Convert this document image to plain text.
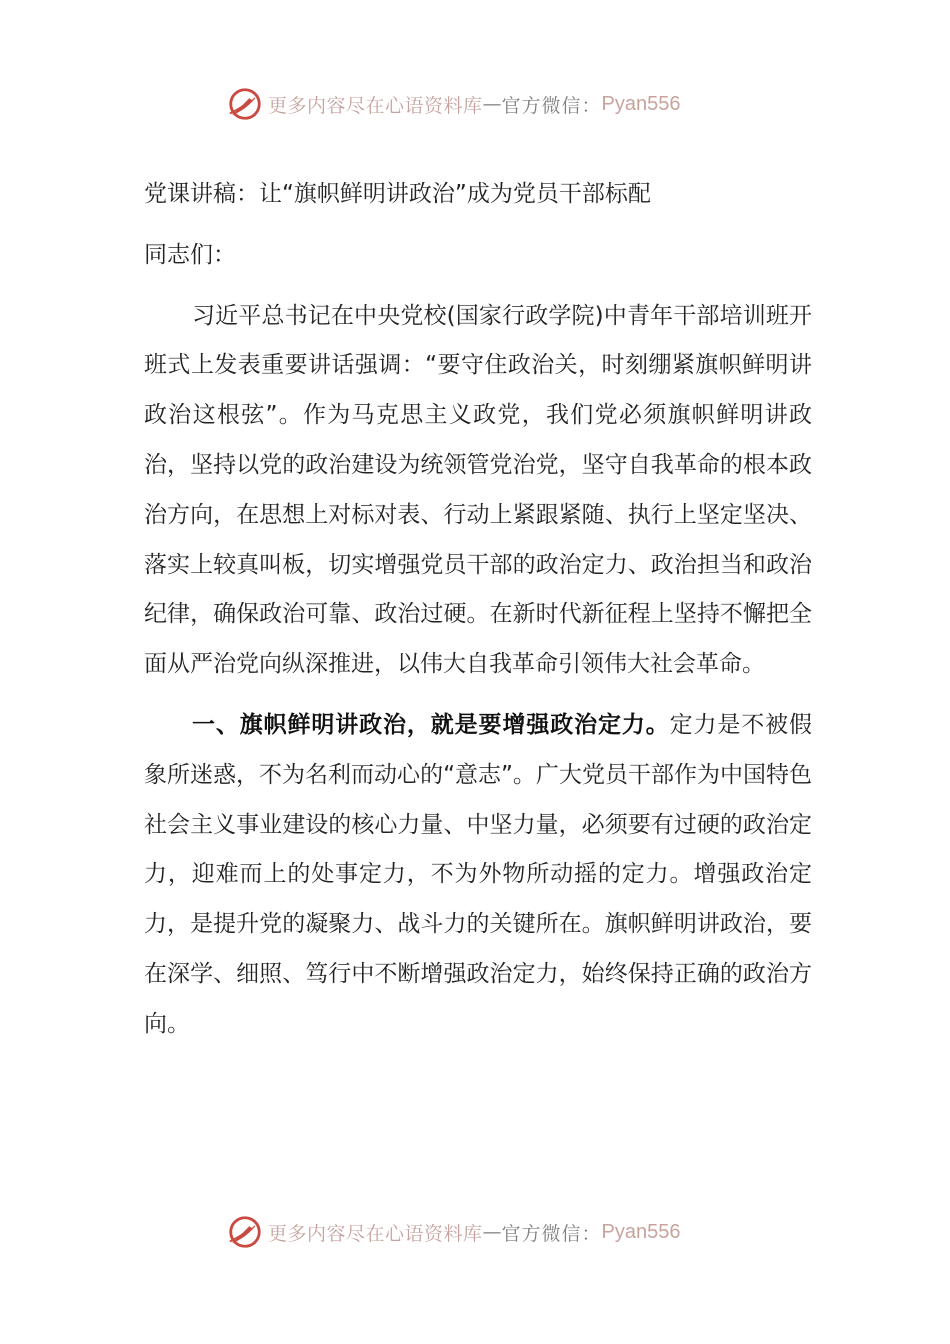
更多内容尽在心语资料库 — 官方微信： Pyan556

党课讲稿：让“旗帜鲜明讲政治”成为党员干部标配

同志们：

习近平总书记在中央党校(国家行政学院)中青年干部培训班开班式上发表重要讲话强调：“要守住政治关，时刻绷紧旗帜鲜明讲政治这根弦”。作为马克思主义政党，我们党必须旗帜鲜明讲政治，坚持以党的政治建设为统领管党治党，坚守自我革命的根本政治方向，在思想上对标对表、行动上紧跟紧随、执行上坚定坚决、落实上较真叫板，切实增强党员干部的政治定力、政治担当和政治纪律，确保政治可靠、政治过硬。在新时代新征程上坚持不懈把全面从严治党向纵深推进，以伟大自我革命引领伟大社会革命。

一、旗帜鲜明讲政治，就是要增强政治定力。定力是不被假象所迷惑，不为名利而动心的“意志”。广大党员干部作为中国特色社会主义事业建设的核心力量、中坚力量，必须要有过硬的政治定力，迎难而上的处事定力，不为外物所动摇的定力。增强政治定力，是提升党的凝聚力、战斗力的关键所在。旗帜鲜明讲政治，要在深学、细照、笃行中不断增强政治定力，始终保持正确的政治方向。

更多内容尽在心语资料库 — 官方微信： Pyan556
